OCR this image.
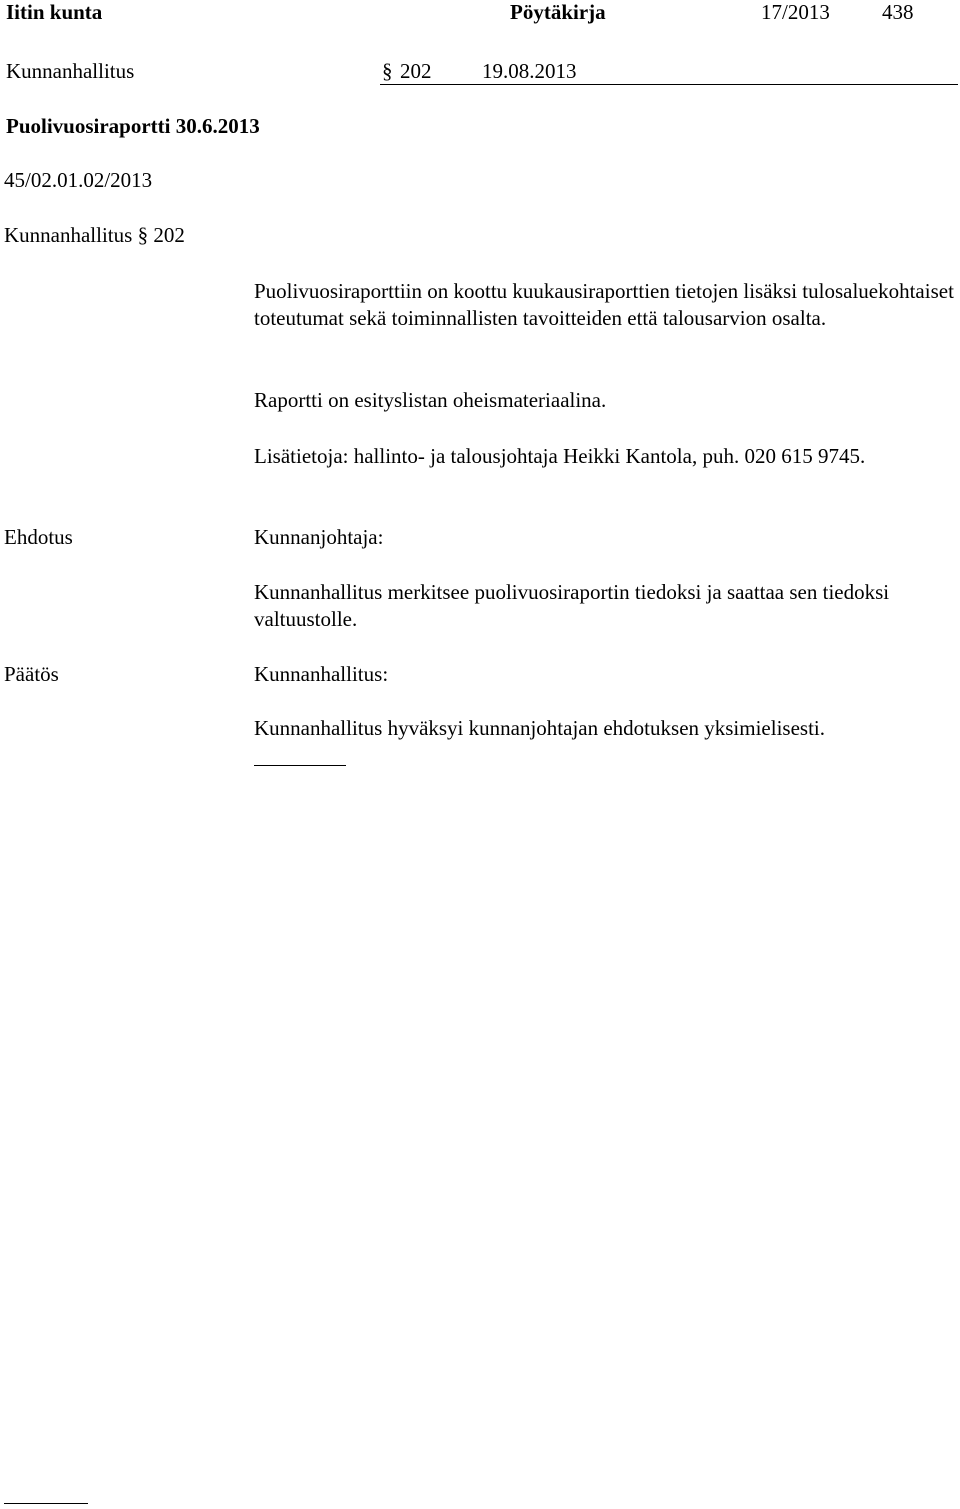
Iitin kunta	Pöytäkirja	17/2013 438
Kunnanhallitus	§ 202 19.08.2013
Puolivuosiraportti 30.6.2013
45/02.01.02/2013
Kunnanhallitus § 202
Puolivuosiraporttiin on koottu kuukausiraporttien tietojen lisäksi tulosaluekohtaiset toteutumat sekä toiminnallisten tavoitteiden että talousarvion osalta.
Raportti on esityslistan oheismateriaalina.
Lisätietoja: hallinto- ja talousjohtaja Heikki Kantola, puh. 020 615 9745.
Ehdotus	Kunnanjohtaja:
Kunnanhallitus merkitsee puolivuosiraportin tiedoksi ja saattaa sen tiedoksi valtuustolle.
Päätös	Kunnanhallitus:
Kunnanhallitus hyväksyi kunnanjohtajan ehdotuksen yksimielisesti.
